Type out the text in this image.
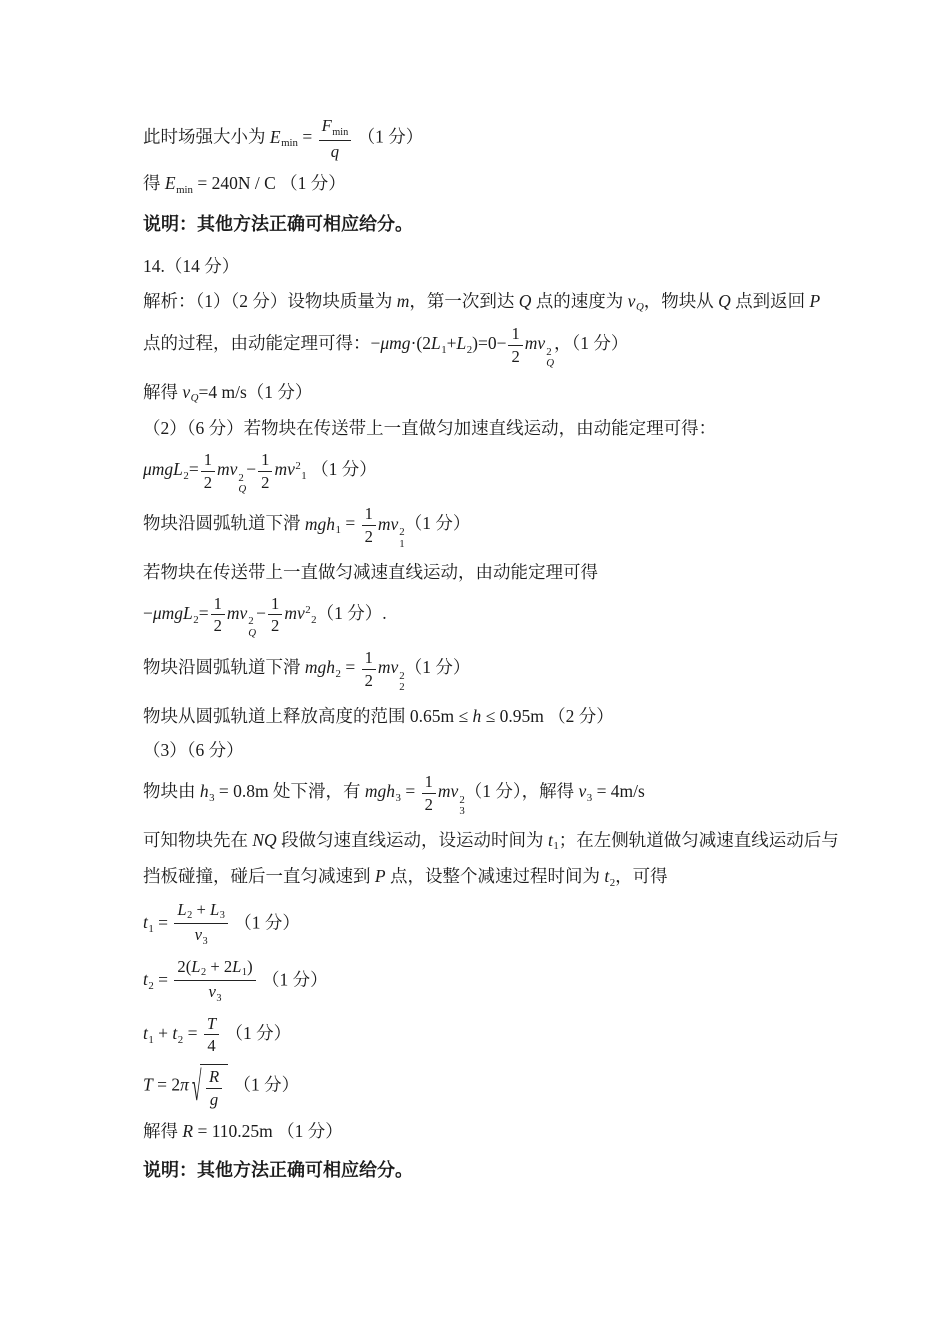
此时场强大小为 $E_{min} = \frac{F_{min}}{q} (1$ 分）
得 $E_{min} = 240N / C$ （1 分）
说明：其他方法正确可相应给分。
14.（14 分）
解析：（1）（2 分）设物块质量为 m，第一次到达 Q 点的速度为 $v_Q$，物块从 Q 点到返回 P
点的过程，由动能定理可得：$-\mu mg\cdot(2L_1+L_2)=0- \frac{1}{2}$ mv 2
Q
，（1 分）
解得 $v_Q=4$ m/s（1 分）
（2）（6 分）若物块在传送带上一直做匀加速直线运动，由动能定理可得：
$\mu mgL_2= \frac{1}{2}$ mv 2
Q
− $\frac{1}{2} mv^2_1$ （1 分）
物块沿圆弧轨道下滑 $mgh_1 = \frac{1}{2}$ mv 2
1
（1 分）
若物块在传送带上一直做匀减速直线运动，由动能定理可得
$-\mu mgL_2= \frac{1}{2}$ mv 2
Q
− $\frac{1}{2} mv^2_2(1$ 分）.
物块沿圆弧轨道下滑 $mgh_2 = \frac{1}{2}$ mv 2
2
（1 分）
物块从圆弧轨道上释放高度的范围 0.65m ≤ h ≤ 0.95m （2 分）
（3）（6 分）
物块由 $h_3 = 0.8m$ 处下滑，有 $mgh_3 = \frac{1}{2}$ mv 2
3
（1 分），解得 $v_3 = 4m/s$
可知物块先在 NQ 段做匀速直线运动，设运动时间为 $t_1$；在左侧轨道做匀减速直线运动后与
挡板碰撞，碰后一直匀减速到 P 点，设整个减速过程时间为 $t_2$，可得
$t_1 = \frac{L_2 + L_3}{v_3} (1$ 分）
$t_2 = \frac{2(L_2 + 2L_1)}{v_3} (1$ 分）
$t_1 + t_2 = \frac{T}{4} (1$ 分）
T = 2π √ $\frac{R}{g} (1$ 分）
解得 R = 110.25m （1 分）
说明：其他方法正确可相应给分。
